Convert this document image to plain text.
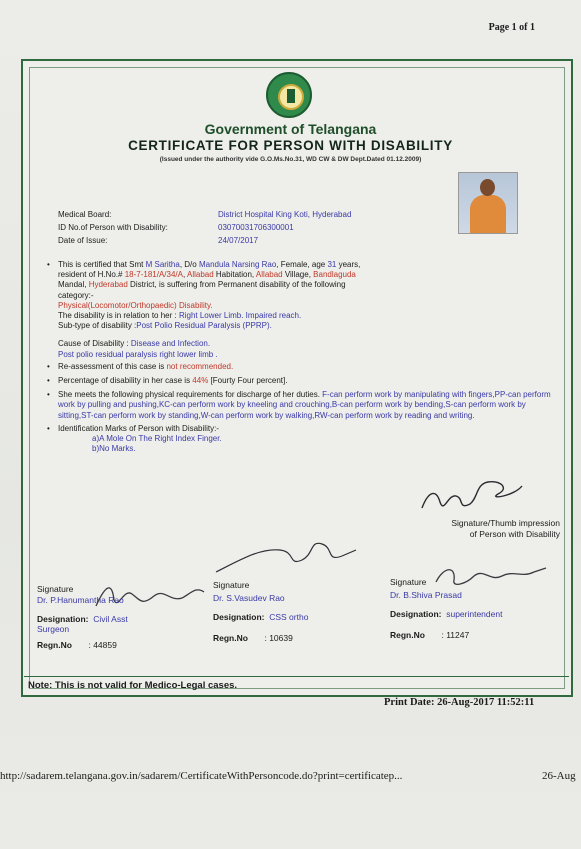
Page 1 of 1
Government of Telangana
CERTIFICATE FOR PERSON WITH DISABILITY
(Issued under the authority vide G.O.Ms.No.31, WD CW & DW Dept.Dated 01.12.2009)
Medical Board:	District Hospital King Koti, Hyderabad
ID No.of Person with Disability:	03070031706300001
Date of Issue:	24/07/2017
• This is certified that Smt M Saritha, D/o Mandula Narsing Rao, Female, age 31 years,
resident of H.No.# 18-7-181/A/34/A, Allabad Habitation, Allabad Village, Bandlaguda
Mandal, Hyderabad District, is suffering from Permanent disability of the following
category:-
Physical(Locomotor/Orthopaedic) Disability.
The disability is in relation to her : Right Lower Limb. Impaired reach.
Sub-type of disability :Post Polio Residual Paralysis (PPRP).
Cause of Disability : Disease and Infection.
Post polio residual paralysis right lower limb .
• Re-assessment of this case is not recommended.
• Percentage of disability in her case is 44% [Fourty Four percent].
• She meets the following physical requirements for discharge of her duties. F-can perform work by manipulating with fingers,PP-can perform work by pulling and pushing,KC-can perform work by kneeling and crouching,B-can perform work by bending,S-can perform work by sitting,ST-can perform work by standing,W-can perform work by walking,RW-can perform work by reading and writing.
• Identification Marks of Person with Disability:-
a)A Mole On The Right Index Finger.
b)No Marks.
Signature/Thumb impression
of Person with Disability
Signature
Dr. P.Hanumantha Rao
Designation: Civil Asst
Surgeon
Regn.No : 44859
Signature
Dr. S.Vasudev Rao
Designation: CSS ortho
Regn.No : 10639
Signature
Dr. B.Shiva Prasad
Designation: superintendent
Regn.No : 11247
Note: This is not valid for Medico-Legal cases.
Print Date: 26-Aug-2017 11:52:11
http://sadarem.telangana.gov.in/sadarem/CertificateWithPersoncode.do?print=certificatep...	26-Aug
